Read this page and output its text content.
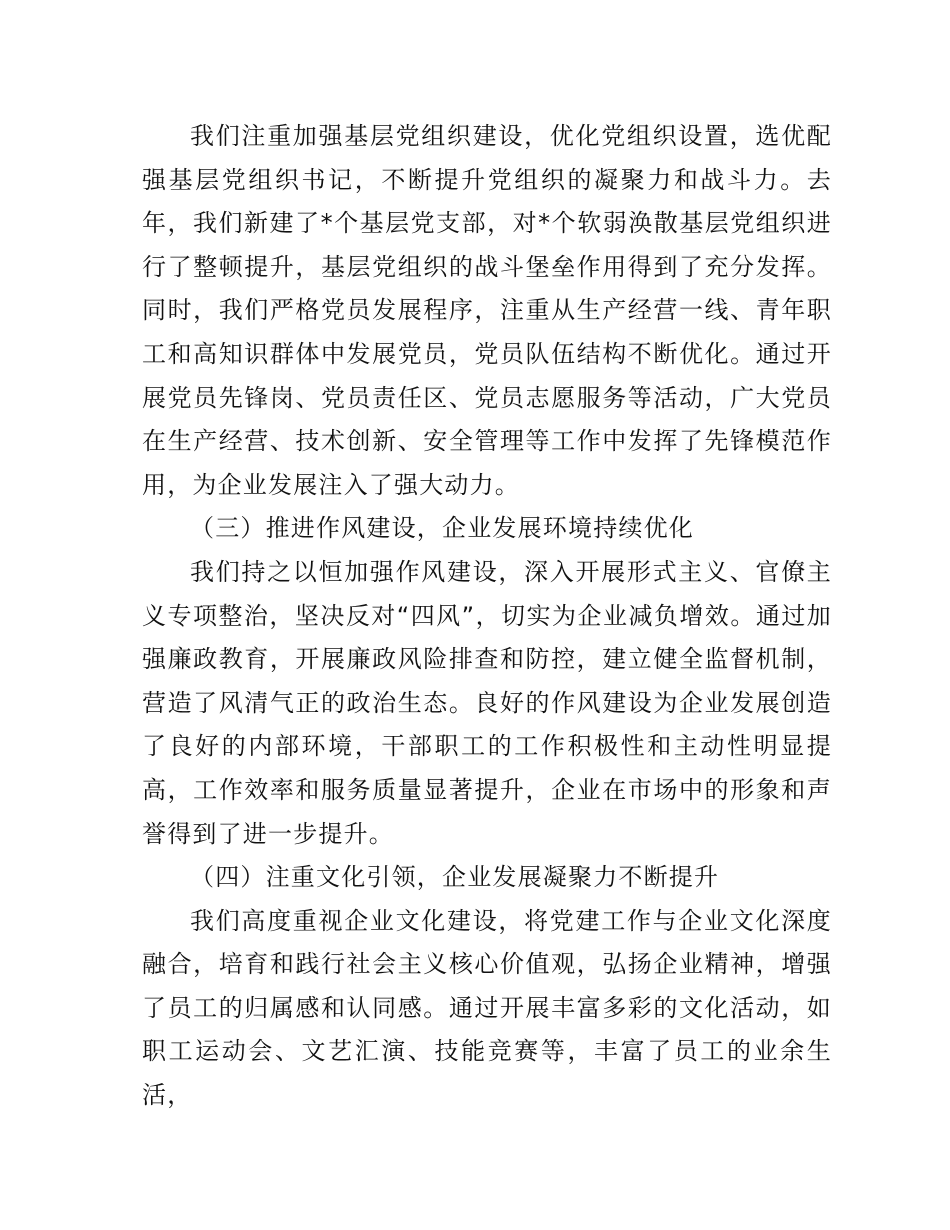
我们注重加强基层党组织建设，优化党组织设置，选优配强基层党组织书记，不断提升党组织的凝聚力和战斗力。去年，我们新建了*个基层党支部，对*个软弱涣散基层党组织进行了整顿提升，基层党组织的战斗堡垒作用得到了充分发挥。同时，我们严格党员发展程序，注重从生产经营一线、青年职工和高知识群体中发展党员，党员队伍结构不断优化。通过开展党员先锋岗、党员责任区、党员志愿服务等活动，广大党员在生产经营、技术创新、安全管理等工作中发挥了先锋模范作用，为企业发展注入了强大动力。

（三）推进作风建设，企业发展环境持续优化

我们持之以恒加强作风建设，深入开展形式主义、官僚主义专项整治，坚决反对“四风”，切实为企业减负增效。通过加强廉政教育，开展廉政风险排查和防控，建立健全监督机制，营造了风清气正的政治生态。良好的作风建设为企业发展创造了良好的内部环境，干部职工的工作积极性和主动性明显提高，工作效率和服务质量显著提升，企业在市场中的形象和声誉得到了进一步提升。

（四）注重文化引领，企业发展凝聚力不断提升

我们高度重视企业文化建设，将党建工作与企业文化深度融合，培育和践行社会主义核心价值观，弘扬企业精神，增强了员工的归属感和认同感。通过开展丰富多彩的文化活动，如职工运动会、文艺汇演、技能竞赛等，丰富了员工的业余生活，
